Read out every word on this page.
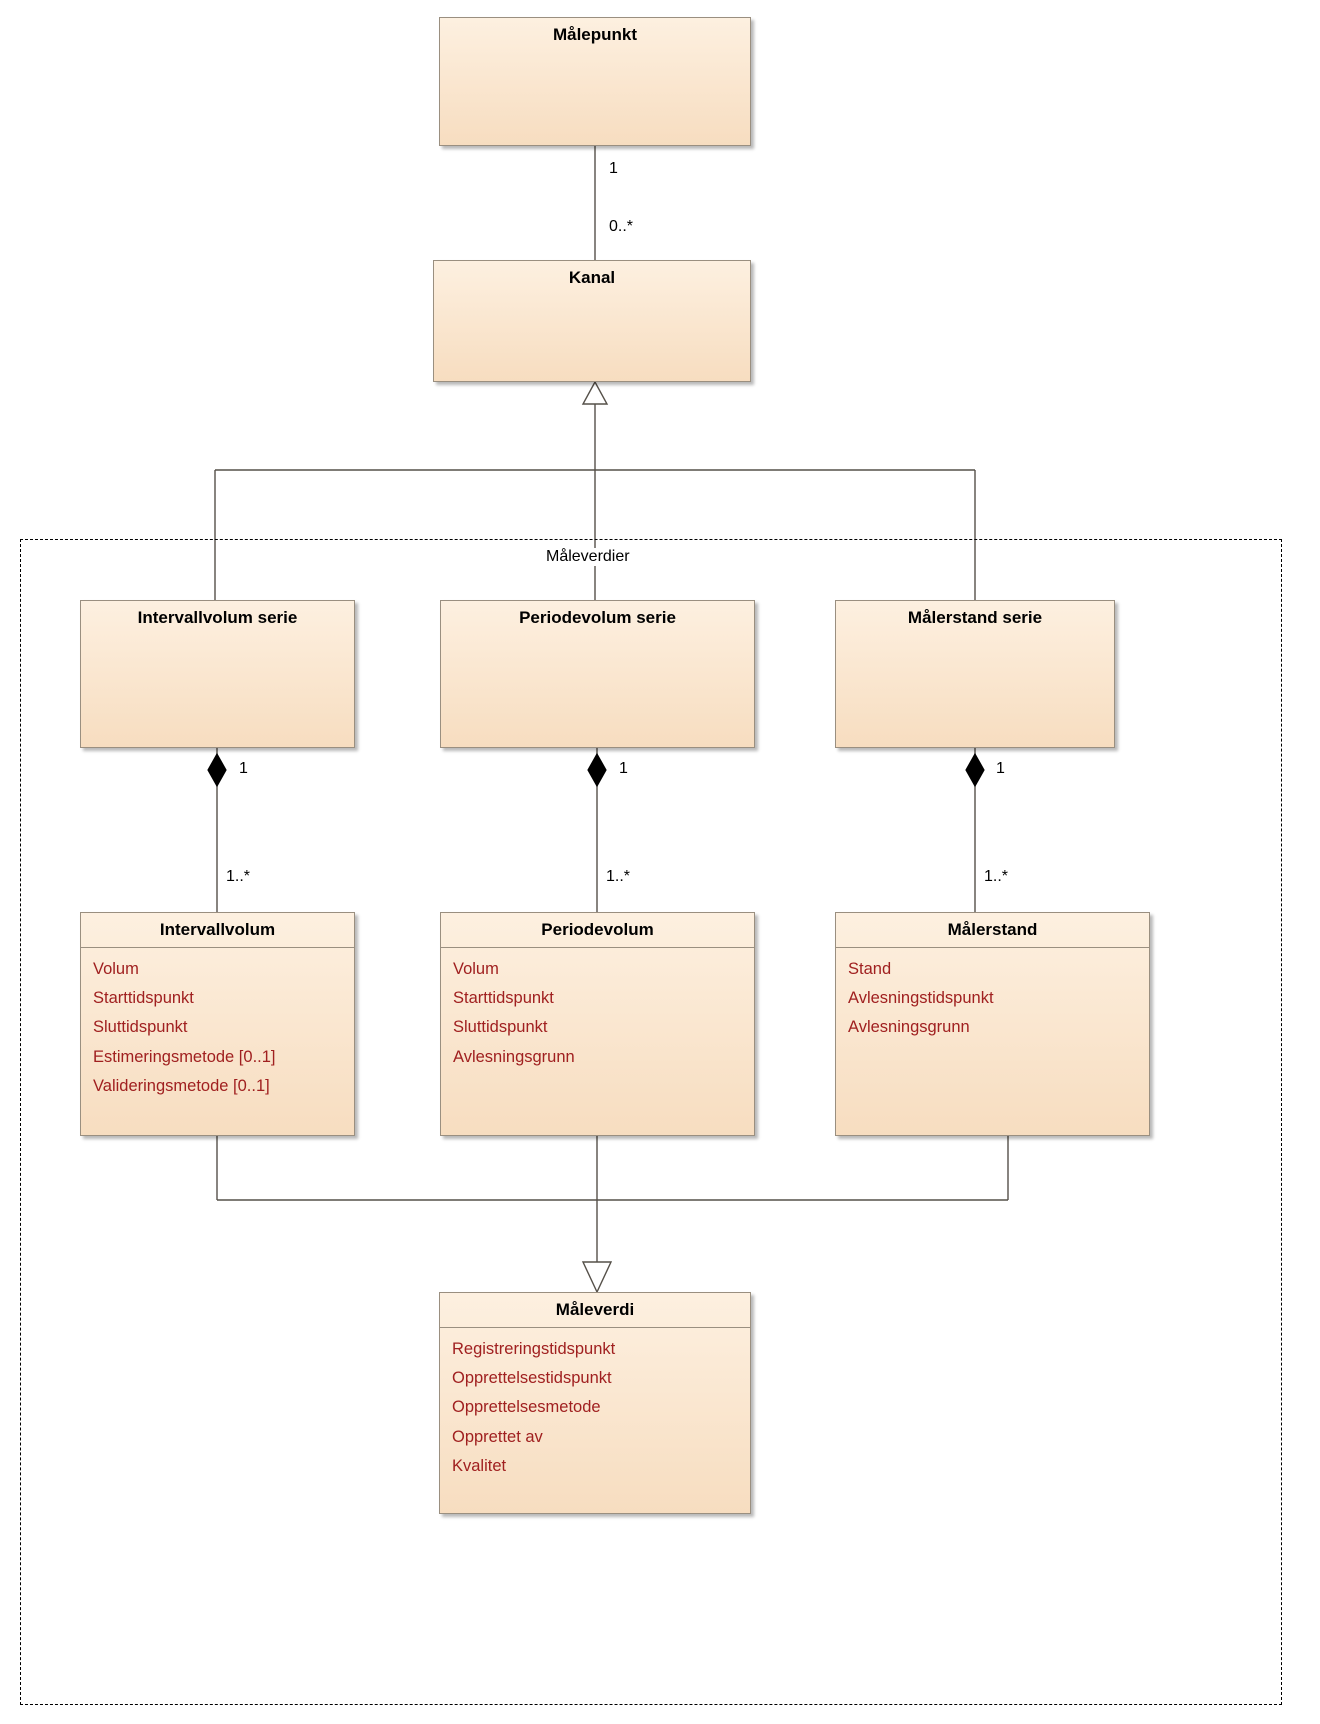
Måleverdier
Målepunkt
Kanal
1
0..*
Intervallvolum serie	Periodevolum serie	Målerstand serie
1	1	1
1..*	1..*	1..*
Intervallvolum
Volum
Starttidspunkt
Sluttidspunkt
Estimeringsmetode [0..1]
Valideringsmetode [0..1]
Periodevolum
Volum
Starttidspunkt
Sluttidspunkt
Avlesningsgrunn
Målerstand
Stand
Avlesningstidspunkt
Avlesningsgrunn
Måleverdi
Registreringstidspunkt
Opprettelsestidspunkt
Opprettelsesmetode
Opprettet av
Kvalitet
